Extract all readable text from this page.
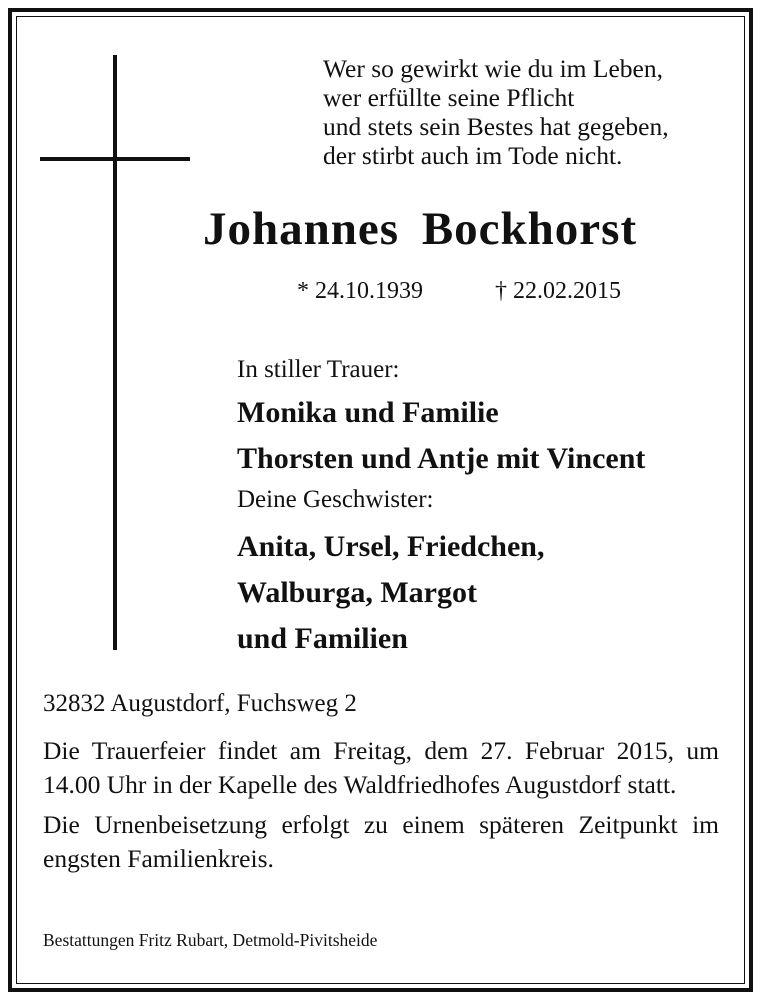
Wer so gewirkt wie du im Leben,
wer erfüllte seine Pflicht
und stets sein Bestes hat gegeben,
der stirbt auch im Tode nicht.
Johannes Bockhorst
* 24.10.1939	† 22.02.2015
In stiller Trauer:
Monika und Familie
Thorsten und Antje mit Vincent
Deine Geschwister:
Anita, Ursel, Friedchen,
Walburga, Margot
und Familien
32832 Augustdorf, Fuchsweg 2

Die Trauerfeier findet am Freitag, dem 27. Februar 2015, um 14.00 Uhr in der Kapelle des Waldfriedhofes Augustdorf statt.

Die Urnenbeisetzung erfolgt zu einem späteren Zeitpunkt im engsten Familienkreis.

Bestattungen Fritz Rubart, Detmold-Pivitsheide
